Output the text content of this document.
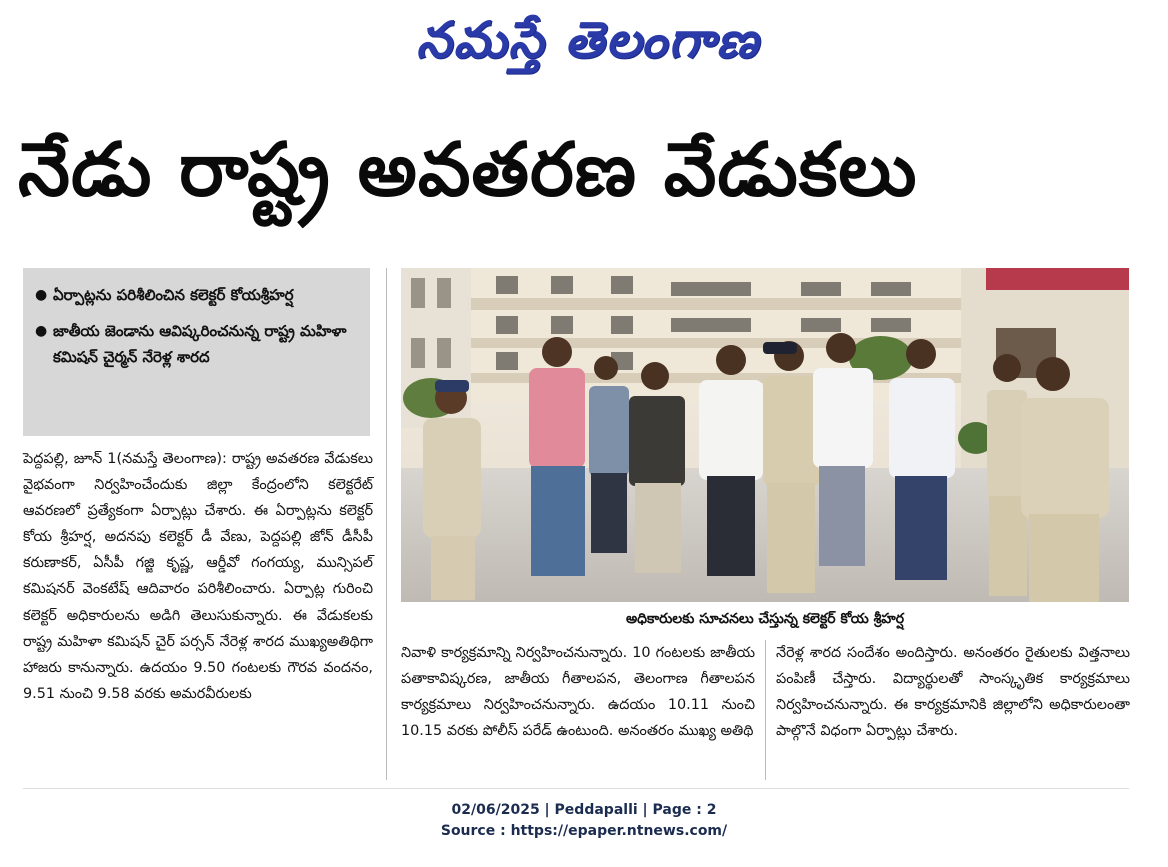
నమస్తే తెలంగాణ
నేడు రాష్ట్ర అవతరణ వేడుకలు
● ఏర్పాట్లను పరిశీలించిన కలెక్టర్ కోయశ్రీహర్ష
● జాతీయ జెండాను ఆవిష్కరించనున్న రాష్ట్ర మహిళా కమిషన్ చైర్మన్ నేరెళ్ల శారద
అధికారులకు సూచనలు చేస్తున్న కలెక్టర్ కోయ శ్రీహర్ష
పెద్దపల్లి, జూన్ 1(నమస్తే తెలంగాణ): రాష్ట్ర అవతరణ వేడుకలు వైభవంగా నిర్వహించేందుకు జిల్లా కేంద్రంలోని కలెక్టరేట్ ఆవరణలో ప్రత్యేకంగా ఏర్పాట్లు చేశారు. ఈ ఏర్పాట్లను కలెక్టర్ కోయ శ్రీహర్ష, అదనపు కలెక్టర్ డీ వేణు, పెద్దపల్లి జోన్ డీసీపీ కరుణాకర్, ఏసీపీ గజ్జి కృష్ణ, ఆర్డీవో గంగయ్య, మున్సిపల్ కమిషనర్ వెంకటేష్ ఆదివారం పరిశీలించారు. ఏర్పాట్ల గురించి కలెక్టర్ అధికారులను అడిగి తెలుసుకున్నారు. ఈ వేడుకలకు రాష్ట్ర మహిళా కమిషన్ చైర్ పర్సన్ నేరెళ్ల శారద ముఖ్యఅతిథిగా హాజరు కానున్నారు. ఉదయం 9.50 గంటలకు గౌరవ వందనం, 9.51 నుంచి 9.58 వరకు అమరవీరులకు
నివాళి కార్యక్రమాన్ని నిర్వహించనున్నారు. 10 గంటలకు జాతీయ పతాకావిష్కరణ, జాతీయ గీతాలపన, తెలంగాణ గీతాలపన కార్యక్రమాలు నిర్వహించనున్నారు. ఉదయం 10.11 నుంచి 10.15 వరకు పోలీస్ పరేడ్ ఉంటుంది. అనంతరం ముఖ్య అతిథి
నేరెళ్ల శారద సందేశం అందిస్తారు. అనంతరం రైతులకు విత్తనాలు పంపిణీ చేస్తారు. విద్యార్థులతో సాంస్కృతిక కార్యక్రమాలు నిర్వహించనున్నారు. ఈ కార్యక్రమానికి జిల్లాలోని అధికారులంతా పాల్గొనే విధంగా ఏర్పాట్లు చేశారు.
02/06/2025 | Peddapalli | Page : 2
Source : https://epaper.ntnews.com/
